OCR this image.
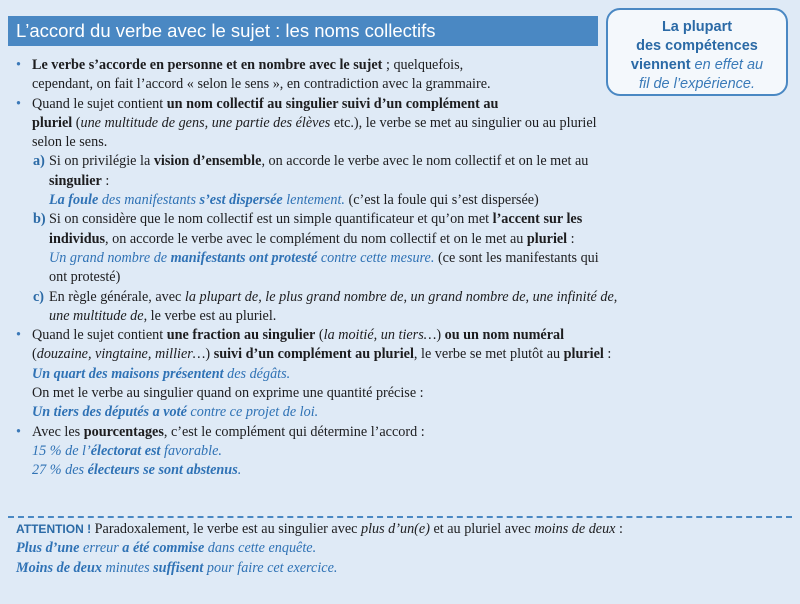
L’accord du verbe avec le sujet : les noms collectifs	La plupart
des compétences
viennent en effet au
fil de l’expérience.
• Le verbe s’accorde en personne et en nombre avec le sujet ; quelquefois,
cependant, on fait l’accord « selon le sens », en contradiction avec la grammaire.
• Quand le sujet contient un nom collectif au singulier suivi d’un complément au
pluriel (une multitude de gens, une partie des élèves etc.), le verbe se met au singulier ou au pluriel
selon le sens.
a) Si on privilégie la vision d’ensemble, on accorde le verbe avec le nom collectif et on le met au
singulier :
La foule des manifestants s’est dispersée lentement. (c’est la foule qui s’est dispersée)
b) Si on considère que le nom collectif est un simple quantificateur et qu’on met l’accent sur les
individus, on accorde le verbe avec le complément du nom collectif et on le met au pluriel :
Un grand nombre de manifestants ont protesté contre cette mesure. (ce sont les manifestants qui
ont protesté)
c) En règle générale, avec la plupart de, le plus grand nombre de, un grand nombre de, une infinité de,
une multitude de, le verbe est au pluriel.
• Quand le sujet contient une fraction au singulier (la moitié, un tiers…) ou un nom numéral
(douzaine, vingtaine, millier…) suivi d’un complément au pluriel, le verbe se met plutôt au pluriel :
Un quart des maisons présentent des dégâts.
On met le verbe au singulier quand on exprime une quantité précise :
Un tiers des députés a voté contre ce projet de loi.
• Avec les pourcentages, c’est le complément qui détermine l’accord :
15 % de l’électorat est favorable.
27 % des électeurs se sont abstenus.
ATTENTION ! Paradoxalement, le verbe est au singulier avec plus d’un(e) et au pluriel avec moins de deux :
Plus d’une erreur a été commise dans cette enquête.
Moins de deux minutes suffisent pour faire cet exercice.
